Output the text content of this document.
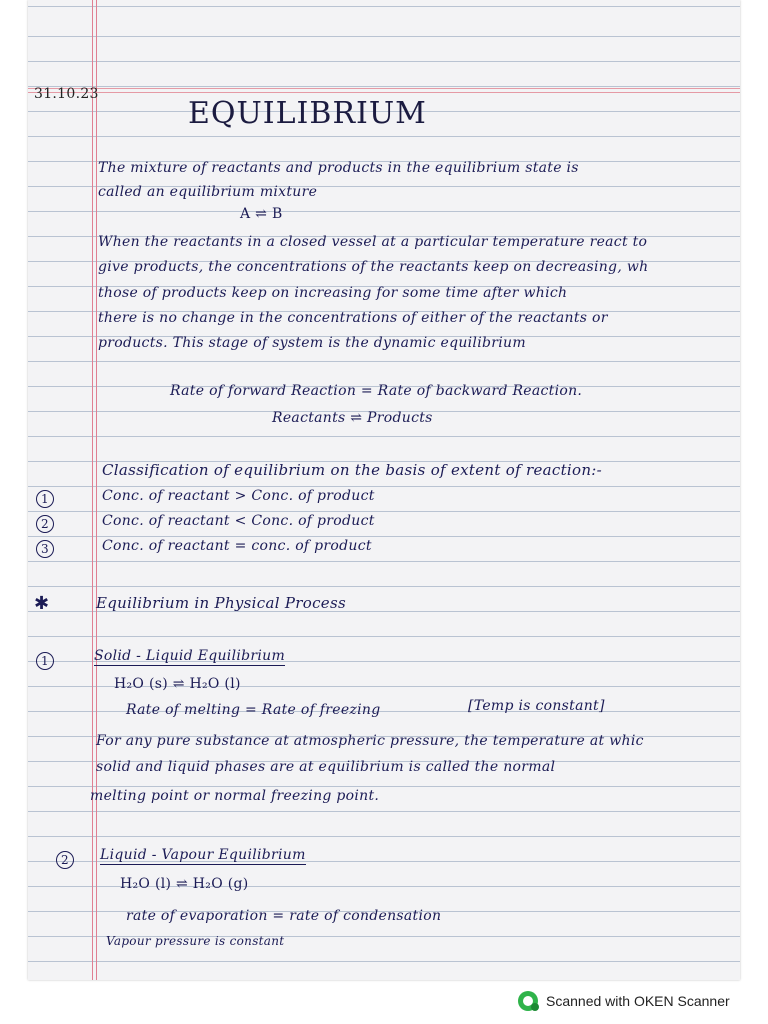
31.10.23
EQUILIBRIUM
The mixture of reactants and products in the equilibrium state is
called an equilibrium mixture
A ⇌ B
When the reactants in a closed vessel at a particular temperature react to
give products, the concentrations of the reactants keep on decreasing, wh
those of products keep on increasing for some time after which
there is no change in the concentrations of either of the reactants or
products. This stage of system is the dynamic equilibrium
Rate of forward Reaction = Rate of backward Reaction.
Reactants ⇌ Products
Classification of equilibrium on the basis of extent of reaction:-
1	Conc. of reactant > Conc. of product
2	Conc. of reactant < Conc. of product
3	Conc. of reactant = conc. of product
✱	Equilibrium in Physical Process
1	Solid - Liquid Equilibrium
H₂O (s) ⇌ H₂O (l)
Rate of melting = Rate of freezing	[Temp is constant]
For any pure substance at atmospheric pressure, the temperature at whic
solid and liquid phases are at equilibrium is called the normal
melting point or normal freezing point.
2	Liquid - Vapour Equilibrium
H₂O (l) ⇌ H₂O (g)
rate of evaporation = rate of condensation
Vapour pressure is constant
Scanned with OKEN Scanner
